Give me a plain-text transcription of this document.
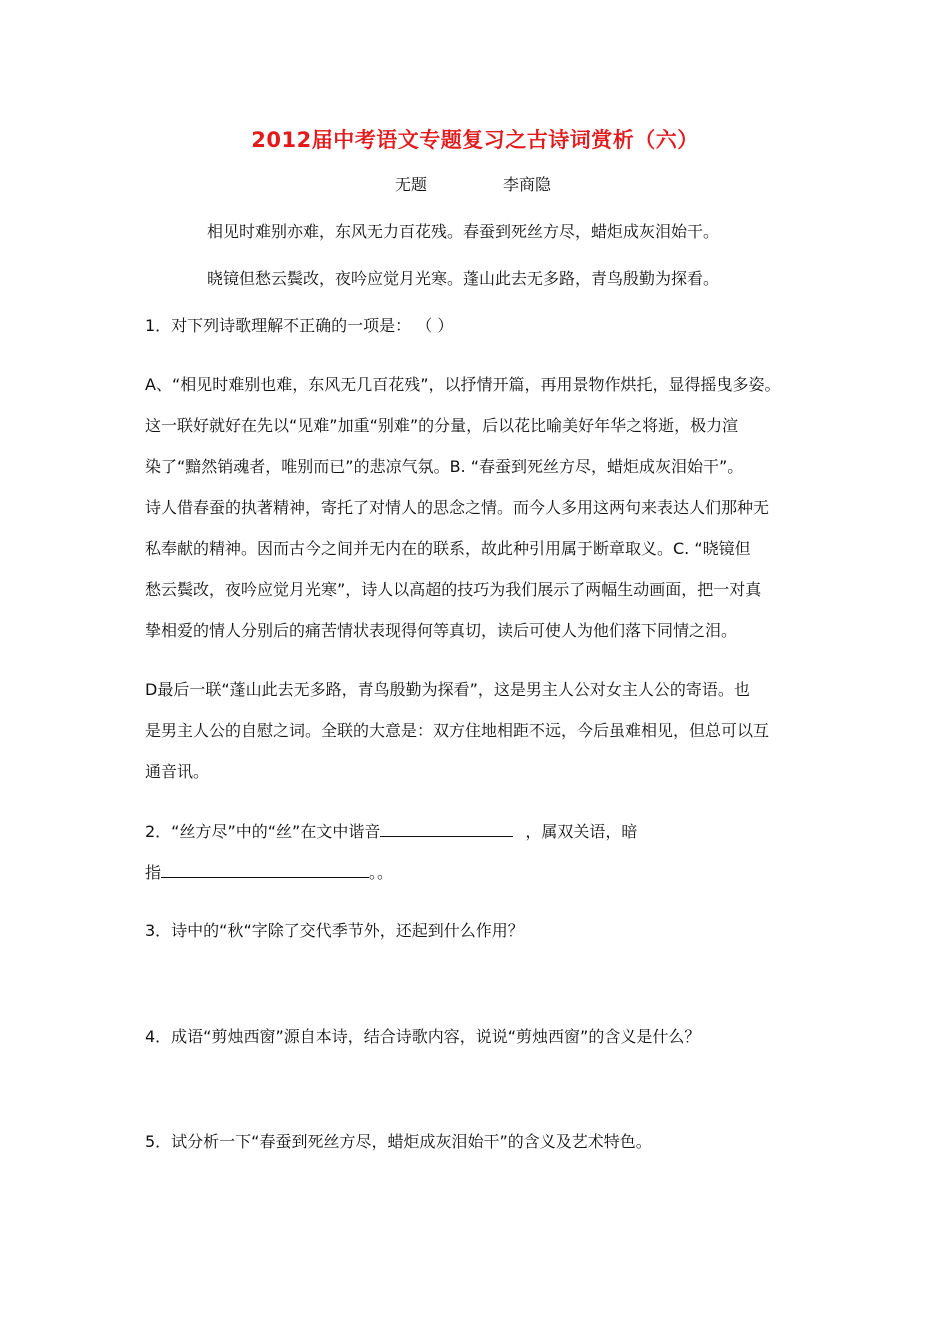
2012届中考语文专题复习之古诗词赏析（六）

无题	李商隐

相见时难别亦难，东风无力百花残。春蚕到死丝方尽，蜡炬成灰泪始干。

晓镜但愁云鬓改，夜吟应觉月光寒。蓬山此去无多路，青鸟殷勤为探看。

1．对下列诗歌理解不正确的一项是： （ ）

A、“相见时难别也难，东风无几百花残”，以抒情开篇，再用景物作烘托，显得摇曳多姿。

这一联好就好在先以“见难”加重“别难”的分量，后以花比喻美好年华之将逝，极力渲

染了“黯然销魂者，唯别而已”的悲凉气氛。B. “春蚕到死丝方尽，蜡炬成灰泪始干”。

诗人借春蚕的执著精神，寄托了对情人的思念之情。而今人多用这两句来表达人们那种无

私奉献的精神。因而古今之间并无内在的联系，故此种引用属于断章取义。C. “晓镜但

愁云鬓改，夜吟应觉月光寒”，诗人以高超的技巧为我们展示了两幅生动画面，把一对真

挚相爱的情人分别后的痛苦情状表现得何等真切，读后可使人为他们落下同情之泪。

D最后一联“蓬山此去无多路，青鸟殷勤为探看”，这是男主人公对女主人公的寄语。也

是男主人公的自慰之词。全联的大意是：双方住地相距不远，今后虽难相见，但总可以互

通音讯。

2．“丝方尽”中的“丝”在文中谐音	，属双关语，暗

指	。。

3．诗中的“秋“字除了交代季节外，还起到什么作用？

4．成语“剪烛西窗”源自本诗，结合诗歌内容，说说“剪烛西窗”的含义是什么？

5．试分析一下“春蚕到死丝方尽，蜡炬成灰泪始干”的含义及艺术特色。
